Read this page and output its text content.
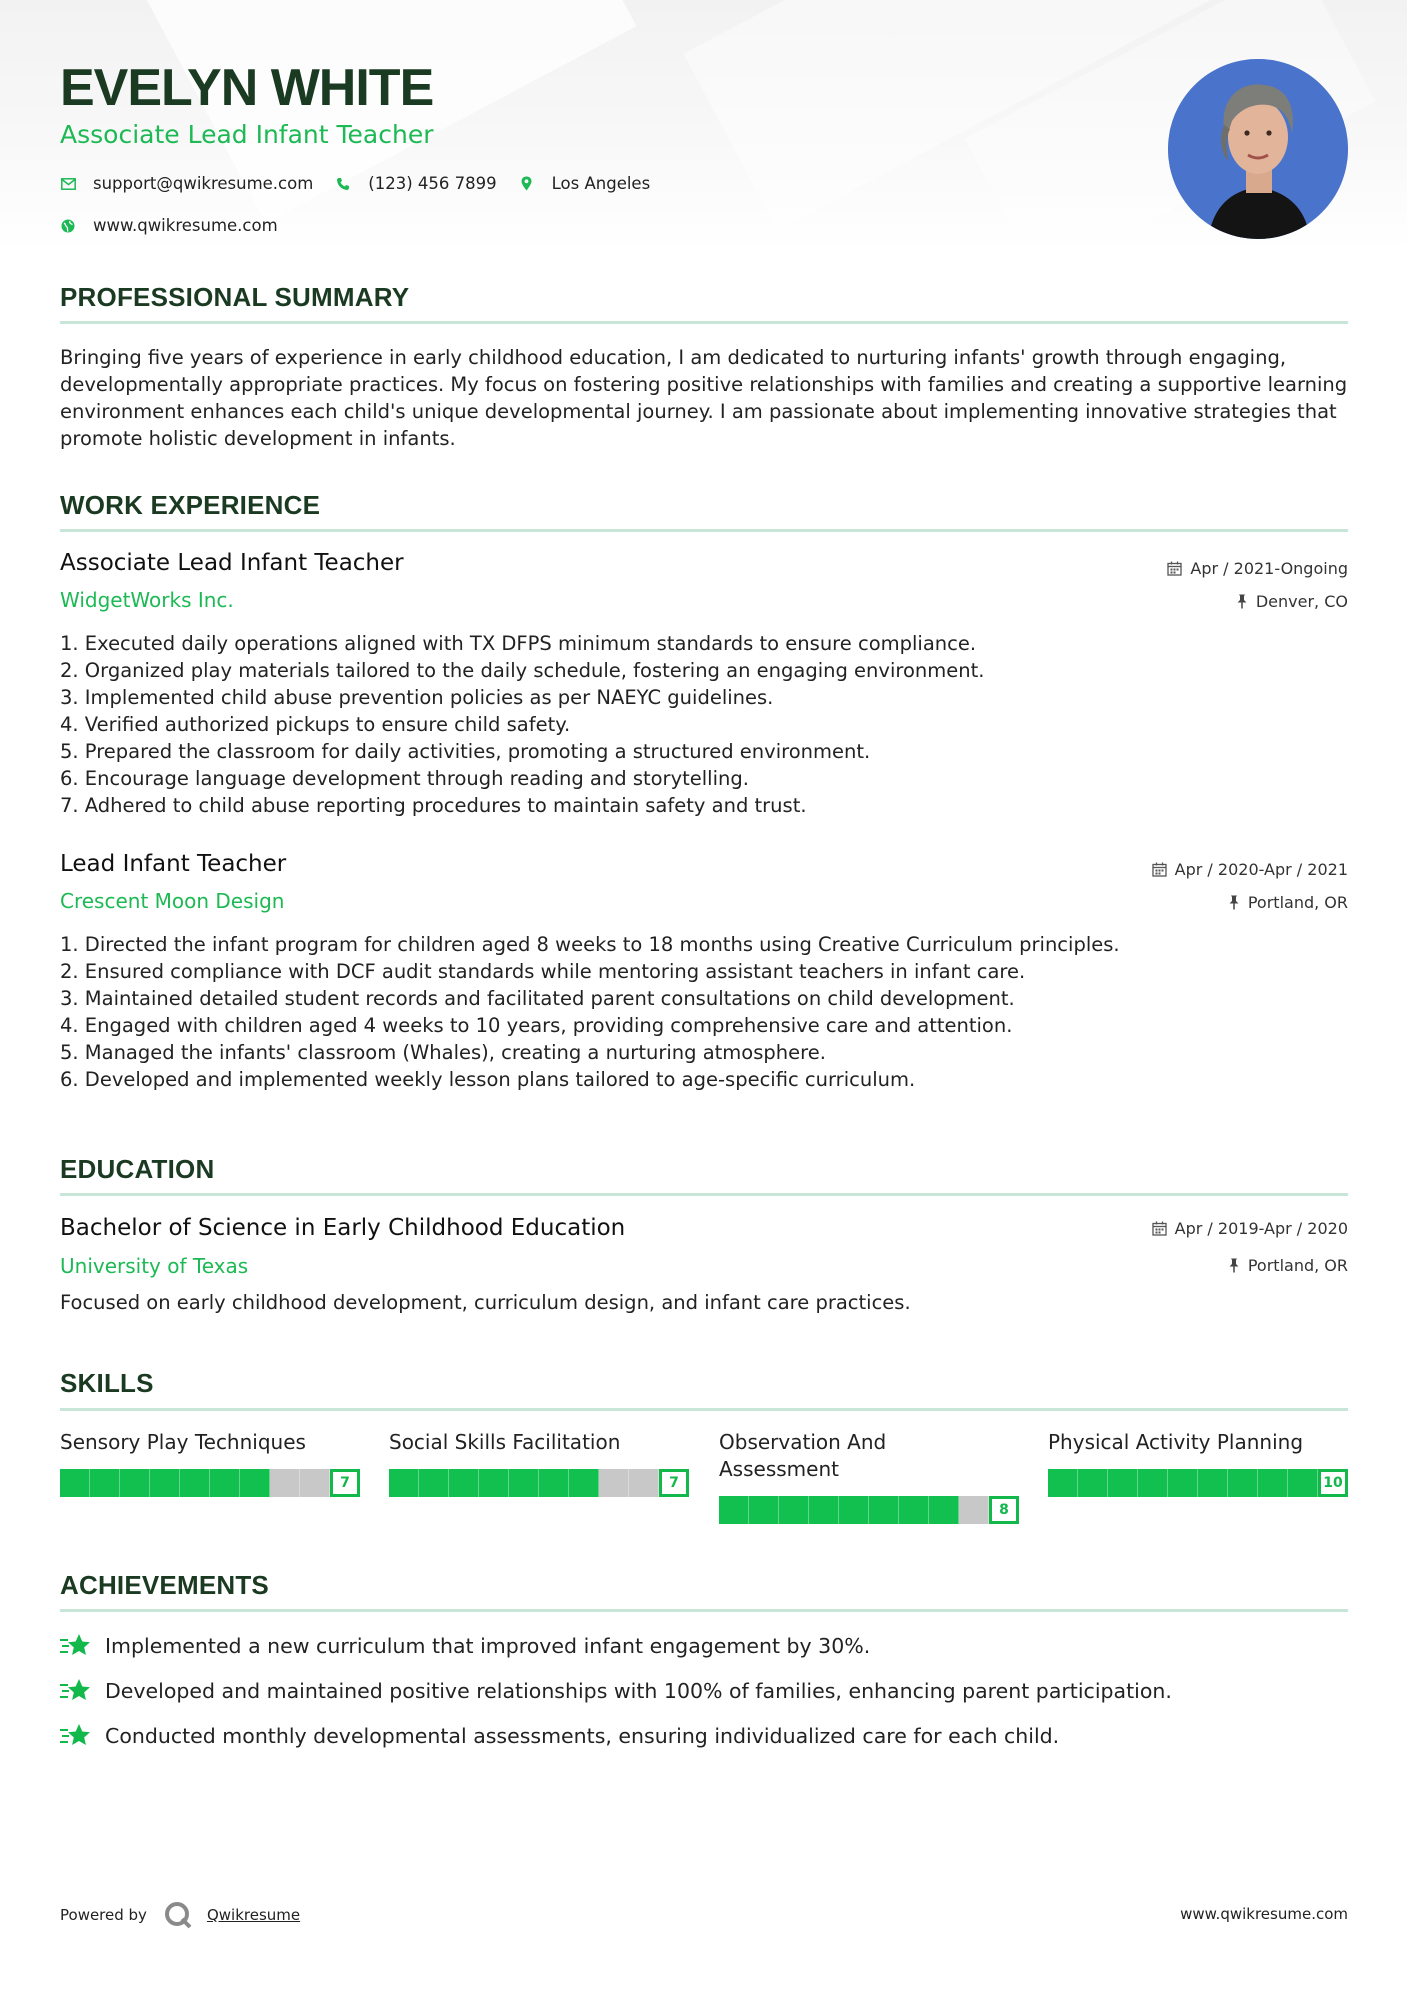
EVELYN WHITE
Associate Lead Infant Teacher
support@qwikresume.com	(123) 456 7899	Los Angeles
www.qwikresume.com
PROFESSIONAL SUMMARY

Bringing five years of experience in early childhood education, I am dedicated to nurturing infants' growth through engaging, developmentally appropriate practices. My focus on fostering positive relationships with families and creating a supportive learning environment enhances each child's unique developmental journey. I am passionate about implementing innovative strategies that promote holistic development in infants.

WORK EXPERIENCE
Associate Lead Infant Teacher	Apr / 2021-Ongoing
WidgetWorks Inc.	Denver, CO
1. Executed daily operations aligned with TX DFPS minimum standards to ensure compliance.
2. Organized play materials tailored to the daily schedule, fostering an engaging environment.
3. Implemented child abuse prevention policies as per NAEYC guidelines.
4. Verified authorized pickups to ensure child safety.
5. Prepared the classroom for daily activities, promoting a structured environment.
6. Encourage language development through reading and storytelling.
7. Adhered to child abuse reporting procedures to maintain safety and trust.
Lead Infant Teacher	Apr / 2020-Apr / 2021
Crescent Moon Design	Portland, OR
1. Directed the infant program for children aged 8 weeks to 18 months using Creative Curriculum principles.
2. Ensured compliance with DCF audit standards while mentoring assistant teachers in infant care.
3. Maintained detailed student records and facilitated parent consultations on child development.
4. Engaged with children aged 4 weeks to 10 years, providing comprehensive care and attention.
5. Managed the infants' classroom (Whales), creating a nurturing atmosphere.
6. Developed and implemented weekly lesson plans tailored to age-specific curriculum.
EDUCATION
Bachelor of Science in Early Childhood Education	Apr / 2019-Apr / 2020
University of Texas	Portland, OR

Focused on early childhood development, curriculum design, and infant care practices.

SKILLS
Sensory Play Techniques
7
Social Skills Facilitation
7
Observation And Assessment
8
Physical Activity Planning
10
ACHIEVEMENTS
Implemented a new curriculum that improved infant engagement by 30%.
Developed and maintained positive relationships with 100% of families, enhancing parent participation.
Conducted monthly developmental assessments, ensuring individualized care for each child.
Powered by	Qwikresume	www.qwikresume.com
